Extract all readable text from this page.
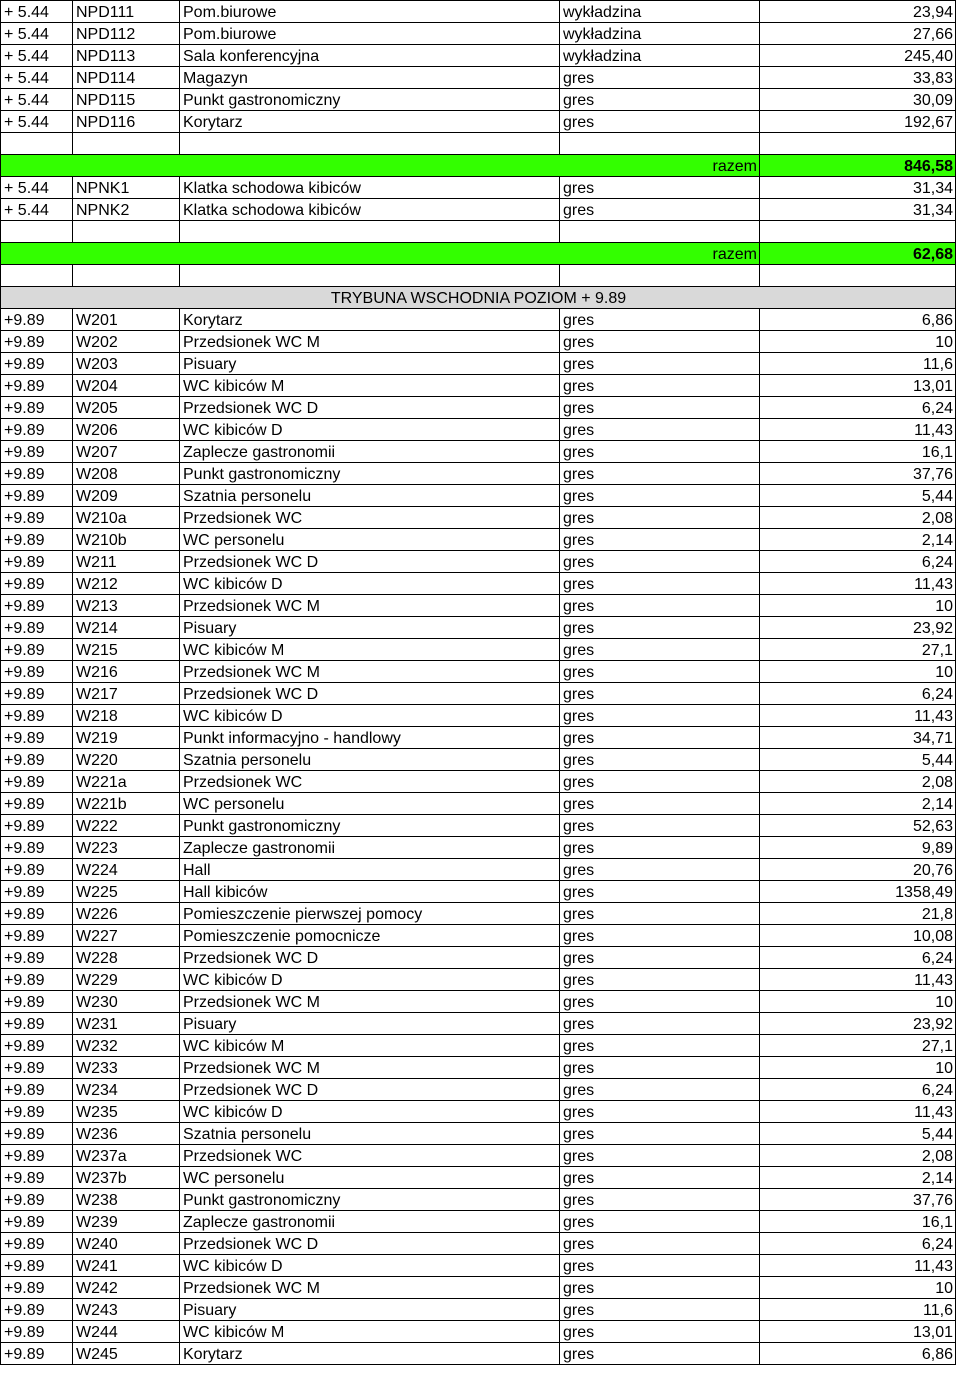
+ 5.44	NPD111	Pom.biurowe	wykładzina	23,94
+ 5.44	NPD112	Pom.biurowe	wykładzina	27,66
+ 5.44	NPD113	Sala konferencyjna	wykładzina	245,40
+ 5.44	NPD114	Magazyn	gres	33,83
+ 5.44	NPD115	Punkt gastronomiczny	gres	30,09
+ 5.44	NPD116	Korytarz	gres	192,67

razem				846,58
+ 5.44	NPNK1	Klatka schodowa kibiców	gres	31,34
+ 5.44	NPNK2	Klatka schodowa kibiców	gres	31,34

razem				62,68

TRYBUNA WSCHODNIA POZIOM + 9.89				
+9.89	W201	Korytarz	gres	6,86
+9.89	W202	Przedsionek WC M	gres	10
+9.89	W203	Pisuary	gres	11,6
+9.89	W204	WC kibiców M	gres	13,01
+9.89	W205	Przedsionek WC D	gres	6,24
+9.89	W206	WC kibiców D	gres	11,43
+9.89	W207	Zaplecze gastronomii	gres	16,1
+9.89	W208	Punkt gastronomiczny	gres	37,76
+9.89	W209	Szatnia personelu	gres	5,44
+9.89	W210a	Przedsionek WC	gres	2,08
+9.89	W210b	WC personelu	gres	2,14
+9.89	W211	Przedsionek WC D	gres	6,24
+9.89	W212	WC kibiców D	gres	11,43
+9.89	W213	Przedsionek WC M	gres	10
+9.89	W214	Pisuary	gres	23,92
+9.89	W215	WC kibiców M	gres	27,1
+9.89	W216	Przedsionek WC M	gres	10
+9.89	W217	Przedsionek WC D	gres	6,24
+9.89	W218	WC kibiców D	gres	11,43
+9.89	W219	Punkt informacyjno - handlowy	gres	34,71
+9.89	W220	Szatnia personelu	gres	5,44
+9.89	W221a	Przedsionek WC	gres	2,08
+9.89	W221b	WC personelu	gres	2,14
+9.89	W222	Punkt gastronomiczny	gres	52,63
+9.89	W223	Zaplecze gastronomii	gres	9,89
+9.89	W224	Hall	gres	20,76
+9.89	W225	Hall kibiców	gres	1358,49
+9.89	W226	Pomieszczenie pierwszej pomocy	gres	21,8
+9.89	W227	Pomieszczenie pomocnicze	gres	10,08
+9.89	W228	Przedsionek WC D	gres	6,24
+9.89	W229	WC kibiców D	gres	11,43
+9.89	W230	Przedsionek WC M	gres	10
+9.89	W231	Pisuary	gres	23,92
+9.89	W232	WC kibiców M	gres	27,1
+9.89	W233	Przedsionek WC M	gres	10
+9.89	W234	Przedsionek WC D	gres	6,24
+9.89	W235	WC kibiców D	gres	11,43
+9.89	W236	Szatnia personelu	gres	5,44
+9.89	W237a	Przedsionek WC	gres	2,08
+9.89	W237b	WC personelu	gres	2,14
+9.89	W238	Punkt gastronomiczny	gres	37,76
+9.89	W239	Zaplecze gastronomii	gres	16,1
+9.89	W240	Przedsionek WC D	gres	6,24
+9.89	W241	WC kibiców D	gres	11,43
+9.89	W242	Przedsionek WC M	gres	10
+9.89	W243	Pisuary	gres	11,6
+9.89	W244	WC kibiców M	gres	13,01
+9.89	W245	Korytarz	gres	6,86
